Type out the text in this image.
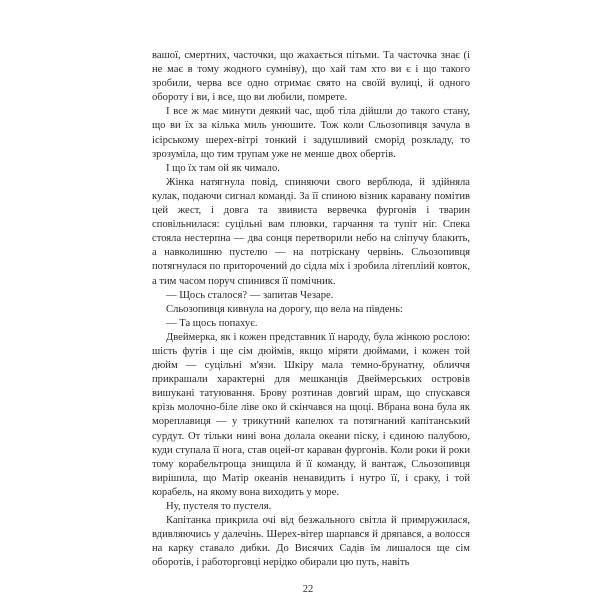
вашої, смертних, часточки, що жахається пітьми. Та часточка знає (і не має в тому жодного сумніву), що хай там хто ви є і що такого зробили, черва все одно отримає свято на своїй вулиці, й одного обороту і ви, і все, що ви любили, помрете.

І все ж має минути деякий час, щоб тіла дійшли до такого стану, що ви їх за кілька миль унюшите. Тож коли Сльозопивця зачула в ісірському шерех-вітрі тонкий і задушливий сморід розкладу, то зрозуміла, що тим трупам уже не менше двох обертів.

І що їх там ой як чимало.

Жінка натягнула повід, спиняючи свого верблюда, й здійняла кулак, подаючи сигнал команді. За її спиною візник каравану помітив цей жест, і довга та звивиста вервечка фургонів і тварин сповільнилася: суцільні вам плювки, гарчання та тупіт ніг. Спека стояла нестерпна — два сонця перетворили небо на сліпучу блакить, а навколишню пустелю — на потріскану червінь. Сльозопивця потягнулася по приторочений до сідла міх і зробила літепліий ковток, а тим часом поруч спинився її помічник.

— Щось сталося? — запитав Чезаре.

Сльозопивця кивнула на дорогу, що вела на південь:

— Та щось попахує.

Двеймерка, як і кожен представник її народу, була жінкою рослою: шість футів і ще сім дюймів, якщо міряти дюймами, і кожен той дюйм — суцільні м'язи. Шкіру мала темно-брунатну, обличчя прикрашали характерні для мешканців Двеймерських островів вишукані татуювання. Брову розтинав довгий шрам, що спускався крізь молочно-біле ліве око й скінчався на щоці. Вбрана вона була як мореплавиця — у трикутний капелюх та потягнаний капітанський сурдут. От тільки нині вона долала океани піску, і єдиною палубою, куди ступала її нога, став оцей-от караван фургонів. Коли роки й роки тому корабельтроща знищила й її команду, й вантаж, Сльозопивця вирішила, що Матір океанів ненавидить і нутро її, і сраку, і той корабель, на якому вона виходить у море.

Ну, пустеля то пустеля.

Капітанка прикрила очі від безжального світла й примружилася, вдивляючись у далечінь. Шерех-вітер шарпався й дряпався, а волосся на карку ставало дибки. До Висячих Садів їм лишалося ще сім оборотів, і работорговці нерідко обирали цю путь, навіть

22
